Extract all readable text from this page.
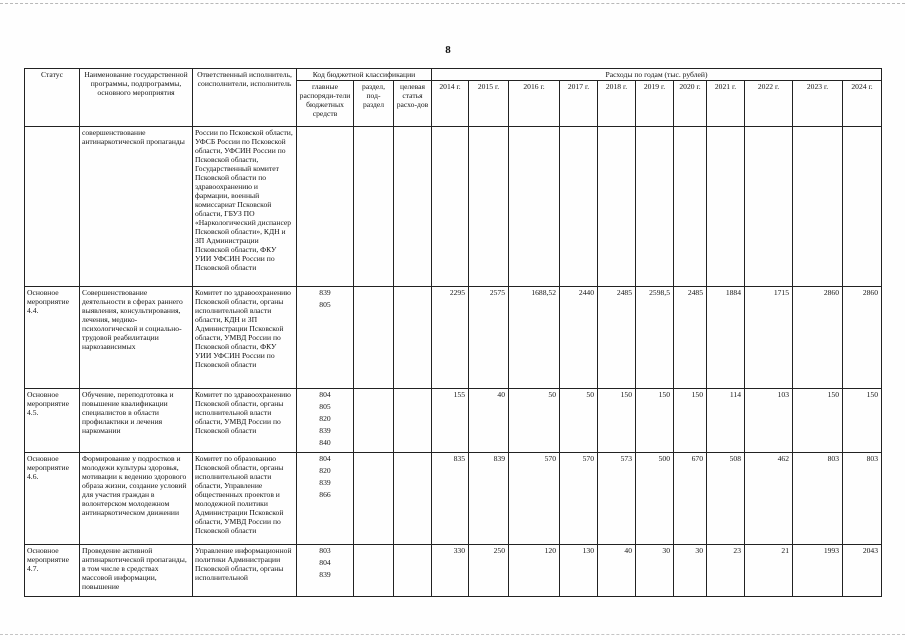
8
Статус	Наименование государственной программы, подпрограммы, основного мероприятия	Ответственный исполнитель, соисполнители, исполнитель	Код бюджетной классификации			Расходы по годам (тыс. рублей)										
			главные распоряди-тели бюджетных средств	раздел, под-раздел	целевая статья расхо-дов	2014 г.	2015 г.	2016 г.	2017 г.	2018 г.	2019 г.	2020 г.	2021 г.	2022 г.	2023 г.	2024 г.
	совершенствование антинаркотической пропаганды	России по Псковской области, УФСБ России по Псковской области, УФСИН России по Псковской области, Государственный комитет Псковской области по здравоохранению и фармации, военный комиссариат Псковской области, ГБУЗ ПО «Наркологический диспансер Псковской области», КДН и ЗП Администрации Псковской области, ФКУ УИИ УФСИН России по Псковской области														
Основное мероприятие 4.4.	Совершенствование деятельности в сферах раннего выявления, консультирования, лечения, медико-психологической и социально-трудовой реабилитации наркозависимых	Комитет по здравоохранению Псковской области, органы исполнительной власти области, КДН и ЗП Администрации Псковской области, УМВД России по Псковской области, ФКУ УИИ УФСИН России по Псковской области	839
805			2295	2575	1688,52	2440	2485	2598,5	2485	1884	1715	2860	2860
Основное мероприятие 4.5.	Обучение, переподготовка и повышение квалификации специалистов в области профилактики и лечения наркомании	Комитет по здравоохранению Псковской области, органы исполнительной власти области, УМВД России по Псковской области	804
805
820
839
840			155	40	50	50	150	150	150	114	103	150	150
Основное мероприятие 4.6.	Формирование у подростков и молодежи культуры здоровья, мотивации к ведению здорового образа жизни, создание условий для участия граждан в волонтерском молодежном антинаркотическом движении	Комитет по образованию Псковской области, органы исполнительной власти области, Управление общественных проектов и молодежной политики Администрации Псковской области, УМВД России по Псковской области	804
820
839
866			835	839	570	570	573	500	670	508	462	803	803
Основное мероприятие 4.7.	Проведение активной антинаркотической пропаганды, в том числе в средствах массовой информации, повышение	Управление информационной политики Администрации Псковской области, органы исполнительной	803
804
839			330	250	120	130	40	30	30	23	21	1993	2043
